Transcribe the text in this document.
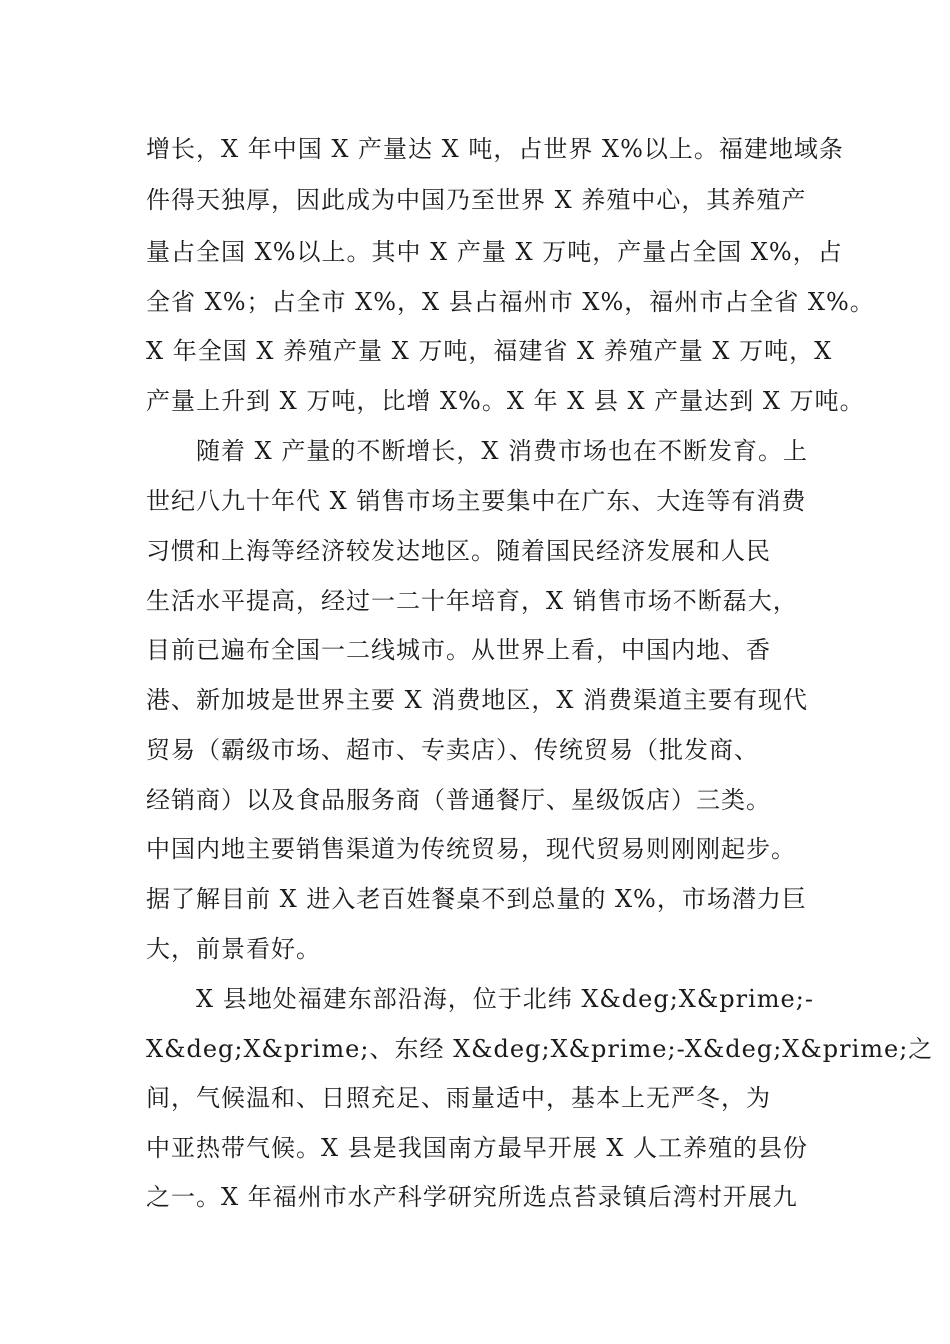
增长，X 年中国 X 产量达 X 吨，占世界 X%以上。福建地域条
件得天独厚，因此成为中国乃至世界 X 养殖中心，其养殖产
量占全国 X%以上。其中 X 产量 X 万吨，产量占全国 X%，占
全省 X%；占全市 X%，X 县占福州市 X%，福州市占全省 X%。
X 年全国 X 养殖产量 X 万吨，福建省 X 养殖产量 X 万吨，X
产量上升到 X 万吨，比增 X%。X 年 X 县 X 产量达到 X 万吨。
随着 X 产量的不断增长，X 消费市场也在不断发育。上
世纪八九十年代 X 销售市场主要集中在广东、大连等有消费
习惯和上海等经济较发达地区。随着国民经济发展和人民
生活水平提高，经过一二十年培育，X 销售市场不断磊大，
目前已遍布全国一二线城市。从世界上看，中国内地、香
港、新加坡是世界主要 X 消费地区，X 消费渠道主要有现代
贸易（霸级市场、超市、专卖店）、传统贸易（批发商、
经销商）以及食品服务商（普通餐厅、星级饭店）三类。
中国内地主要销售渠道为传统贸易，现代贸易则刚刚起步。
据了解目前 X 进入老百姓餐桌不到总量的 X%，市场潜力巨
大，前景看好。
X 县地处福建东部沿海，位于北纬 X&deg;X&prime;-
X&deg;X&prime;、东经 X&deg;X&prime;-X&deg;X&prime;之
间，气候温和、日照充足、雨量适中，基本上无严冬，为
中亚热带气候。X 县是我国南方最早开展 X 人工养殖的县份
之一。X 年福州市水产科学研究所选点苔录镇后湾村开展九
